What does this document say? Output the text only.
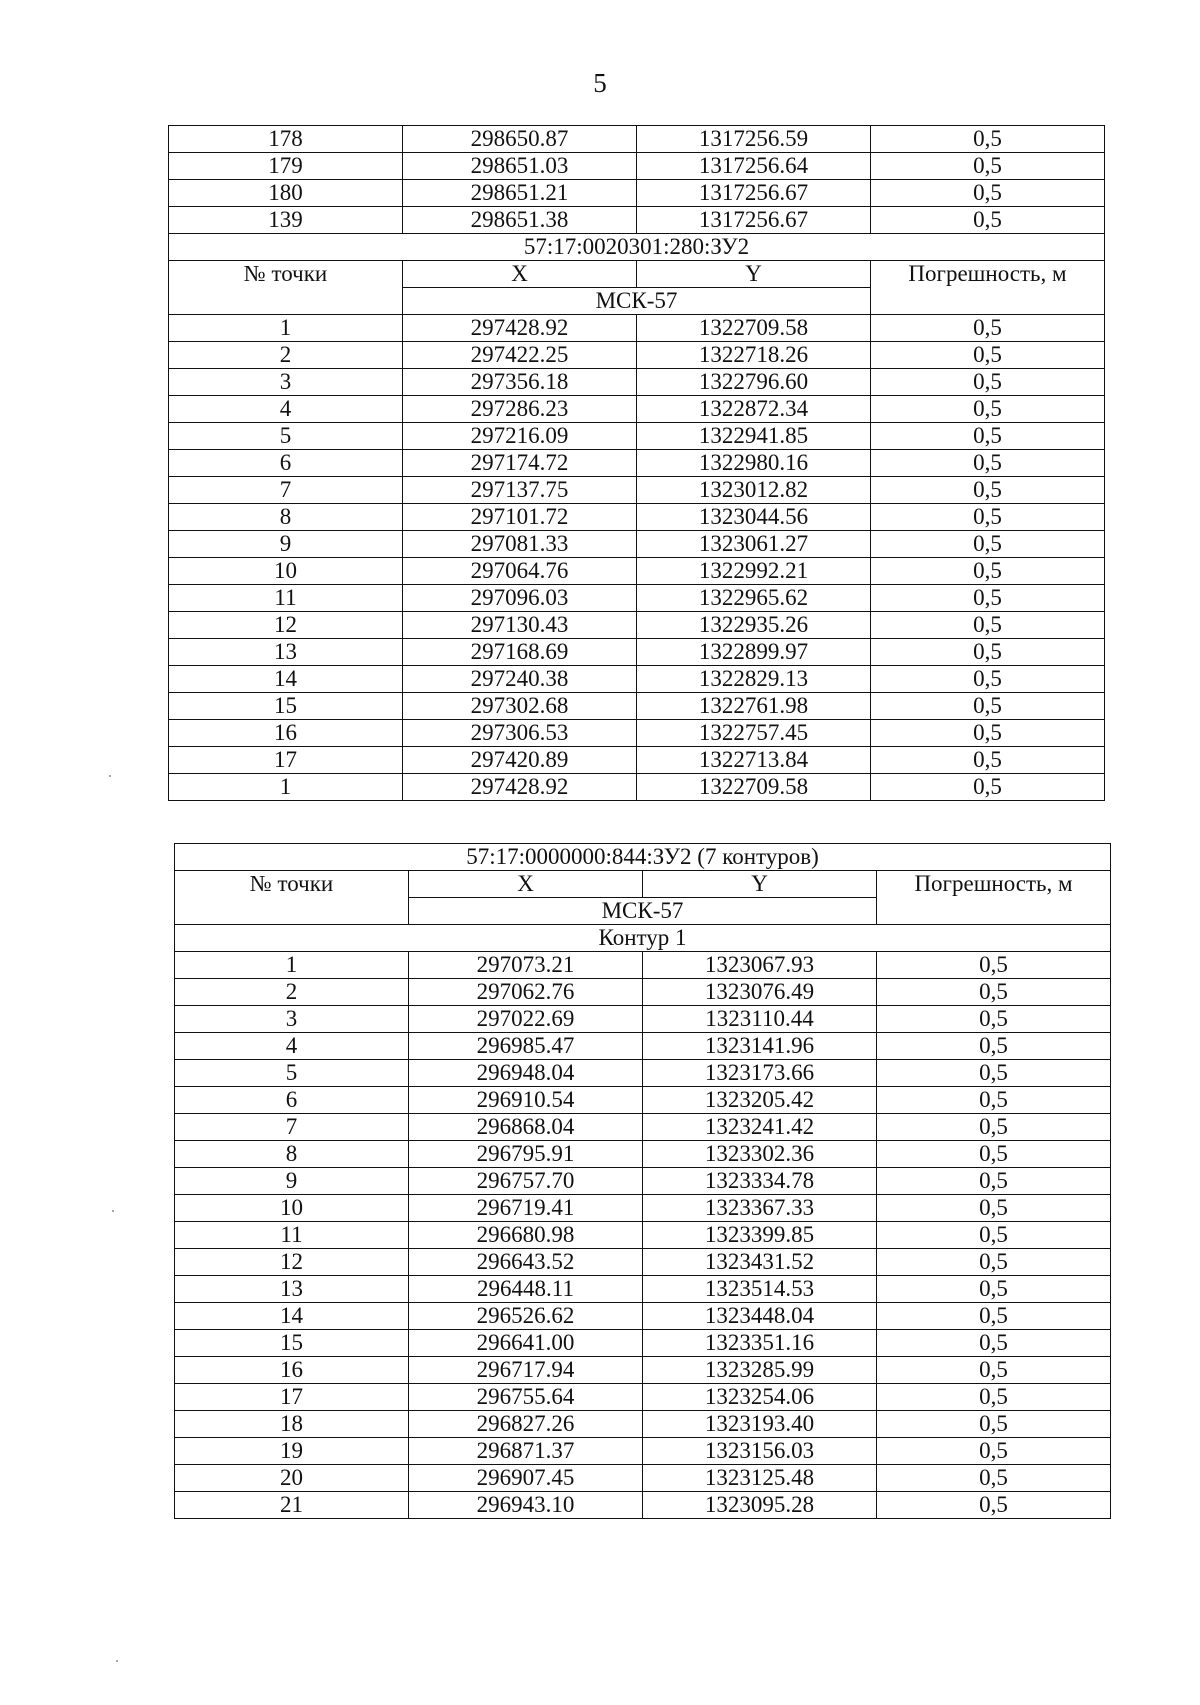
5
178	298650.87	1317256.59	0,5
179	298651.03	1317256.64	0,5
180	298651.21	1317256.67	0,5
139	298651.38	1317256.67	0,5
57:17:0020301:280:ЗУ2			
№ точки	X	Y	Погрешность, м
	МСК-57		
1	297428.92	1322709.58	0,5
2	297422.25	1322718.26	0,5
3	297356.18	1322796.60	0,5
4	297286.23	1322872.34	0,5
5	297216.09	1322941.85	0,5
6	297174.72	1322980.16	0,5
7	297137.75	1323012.82	0,5
8	297101.72	1323044.56	0,5
9	297081.33	1323061.27	0,5
10	297064.76	1322992.21	0,5
11	297096.03	1322965.62	0,5
12	297130.43	1322935.26	0,5
13	297168.69	1322899.97	0,5
14	297240.38	1322829.13	0,5
15	297302.68	1322761.98	0,5
16	297306.53	1322757.45	0,5
17	297420.89	1322713.84	0,5
1	297428.92	1322709.58	0,5
57:17:0000000:844:ЗУ2 (7 контуров)			
№ точки	X	Y	Погрешность, м
	МСК-57		
Контур 1			
1	297073.21	1323067.93	0,5
2	297062.76	1323076.49	0,5
3	297022.69	1323110.44	0,5
4	296985.47	1323141.96	0,5
5	296948.04	1323173.66	0,5
6	296910.54	1323205.42	0,5
7	296868.04	1323241.42	0,5
8	296795.91	1323302.36	0,5
9	296757.70	1323334.78	0,5
10	296719.41	1323367.33	0,5
11	296680.98	1323399.85	0,5
12	296643.52	1323431.52	0,5
13	296448.11	1323514.53	0,5
14	296526.62	1323448.04	0,5
15	296641.00	1323351.16	0,5
16	296717.94	1323285.99	0,5
17	296755.64	1323254.06	0,5
18	296827.26	1323193.40	0,5
19	296871.37	1323156.03	0,5
20	296907.45	1323125.48	0,5
21	296943.10	1323095.28	0,5
